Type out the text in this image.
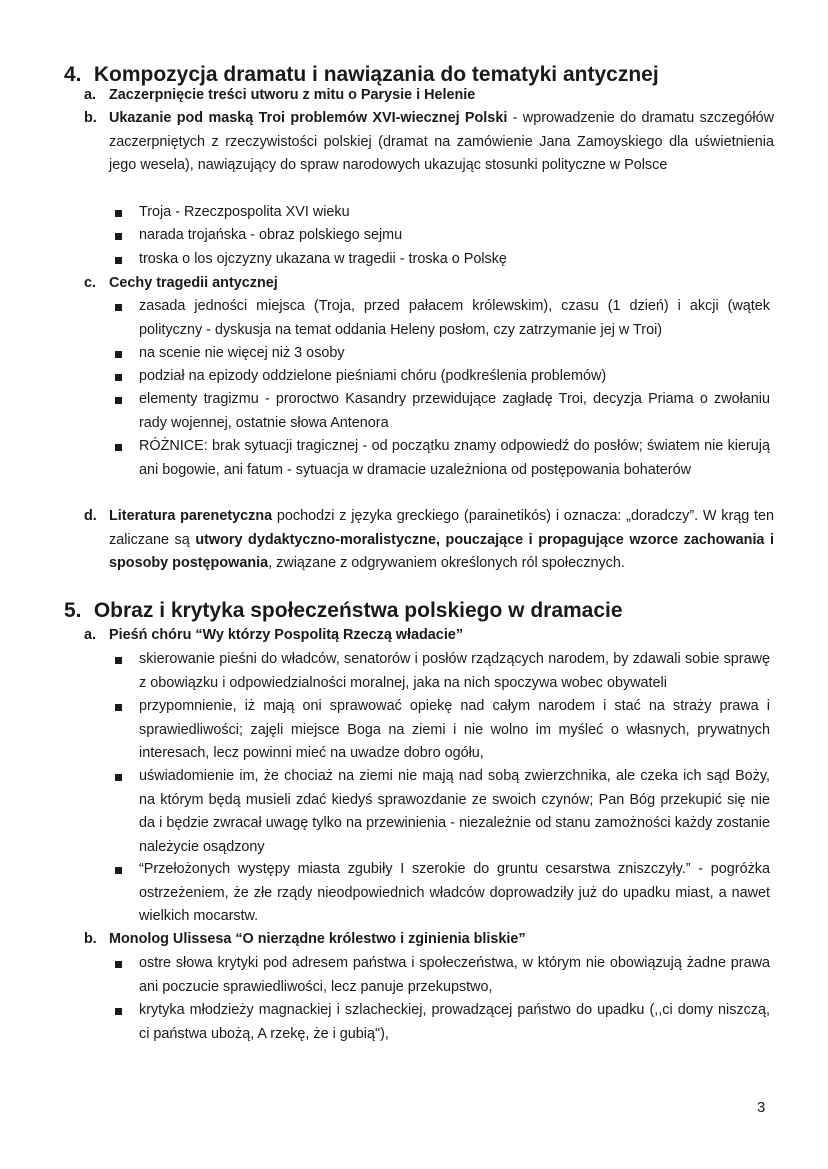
4. Kompozycja dramatu i nawiązania do tematyki antycznej
a. Zaczerpnięcie treści utworu z mitu o Parysie i Helenie
b. Ukazanie pod maską Troi problemów XVI-wiecznej Polski - wprowadzenie do dramatu szczegółów zaczerpniętych z rzeczywistości polskiej (dramat na zamówienie Jana Zamoyskiego dla uświetnienia jego wesela), nawiązujący do spraw narodowych ukazując stosunki polityczne w Polsce
Troja - Rzeczpospolita XVI wieku
narada trojańska - obraz polskiego sejmu
troska o los ojczyzny ukazana w tragedii - troska o Polskę
c. Cechy tragedii antycznej
zasada jedności miejsca (Troja, przed pałacem królewskim), czasu (1 dzień) i akcji (wątek polityczny - dyskusja na temat oddania Heleny posłom, czy zatrzymanie jej w Troi)
na scenie nie więcej niż 3 osoby
podział na epizody oddzielone pieśniami chóru (podkreślenia problemów)
elementy tragizmu - proroctwo Kasandry przewidujące zagładę Troi, decyzja Priama o zwołaniu rady wojennej, ostatnie słowa Antenora
RÓŻNICE: brak sytuacji tragicznej - od początku znamy odpowiedź do posłów; światem nie kierują ani bogowie, ani fatum - sytuacja w dramacie uzależniona od postępowania bohaterów
d. Literatura parenetyczna pochodzi z języka greckiego (parainetikós) i oznacza: „doradczy”. W krąg ten zaliczane są utwory dydaktyczno-moralistyczne, pouczające i propagujące wzorce zachowania i sposoby postępowania, związane z odgrywaniem określonych ról społecznych.
5. Obraz i krytyka społeczeństwa polskiego w dramacie
a. Pieśń chóru “Wy którzy Pospolitą Rzeczą władacie”
skierowanie pieśni do władców, senatorów i posłów rządzących narodem, by zdawali sobie sprawę z obowiązku i odpowiedzialności moralnej, jaka na nich spoczywa wobec obywateli
przypomnienie, iż mają oni sprawować opiekę nad całym narodem i stać na straży prawa i sprawiedliwości; zajęli miejsce Boga na ziemi i nie wolno im myśleć o własnych, prywatnych interesach, lecz powinni mieć na uwadze dobro ogółu,
uświadomienie im, że chociaż na ziemi nie mają nad sobą zwierzchnika, ale czeka ich sąd Boży, na którym będą musieli zdać kiedyś sprawozdanie ze swoich czynów; Pan Bóg przekupić się nie da i będzie zwracał uwagę tylko na przewinienia - niezależnie od stanu zamożności każdy zostanie należycie osądzony
“Przełożonych występy miasta zgubiły I szerokie do gruntu cesarstwa zniszczyły.” - pogróżka ostrzeżeniem, że złe rządy nieodpowiednich władców doprowadziły już do upadku miast, a nawet wielkich mocarstw.
b. Monolog Ulissesa “O nierządne królestwo i zginienia bliskie”
ostre słowa krytyki pod adresem państwa i społeczeństwa, w którym nie obowiązują żadne prawa ani poczucie sprawiedliwości, lecz panuje przekupstwo,
krytyka młodzieży magnackiej i szlacheckiej, prowadzącej państwo do upadku (,,ci domy niszczą, ci państwa ubożą, A rzekę, że i gubią"),
3
